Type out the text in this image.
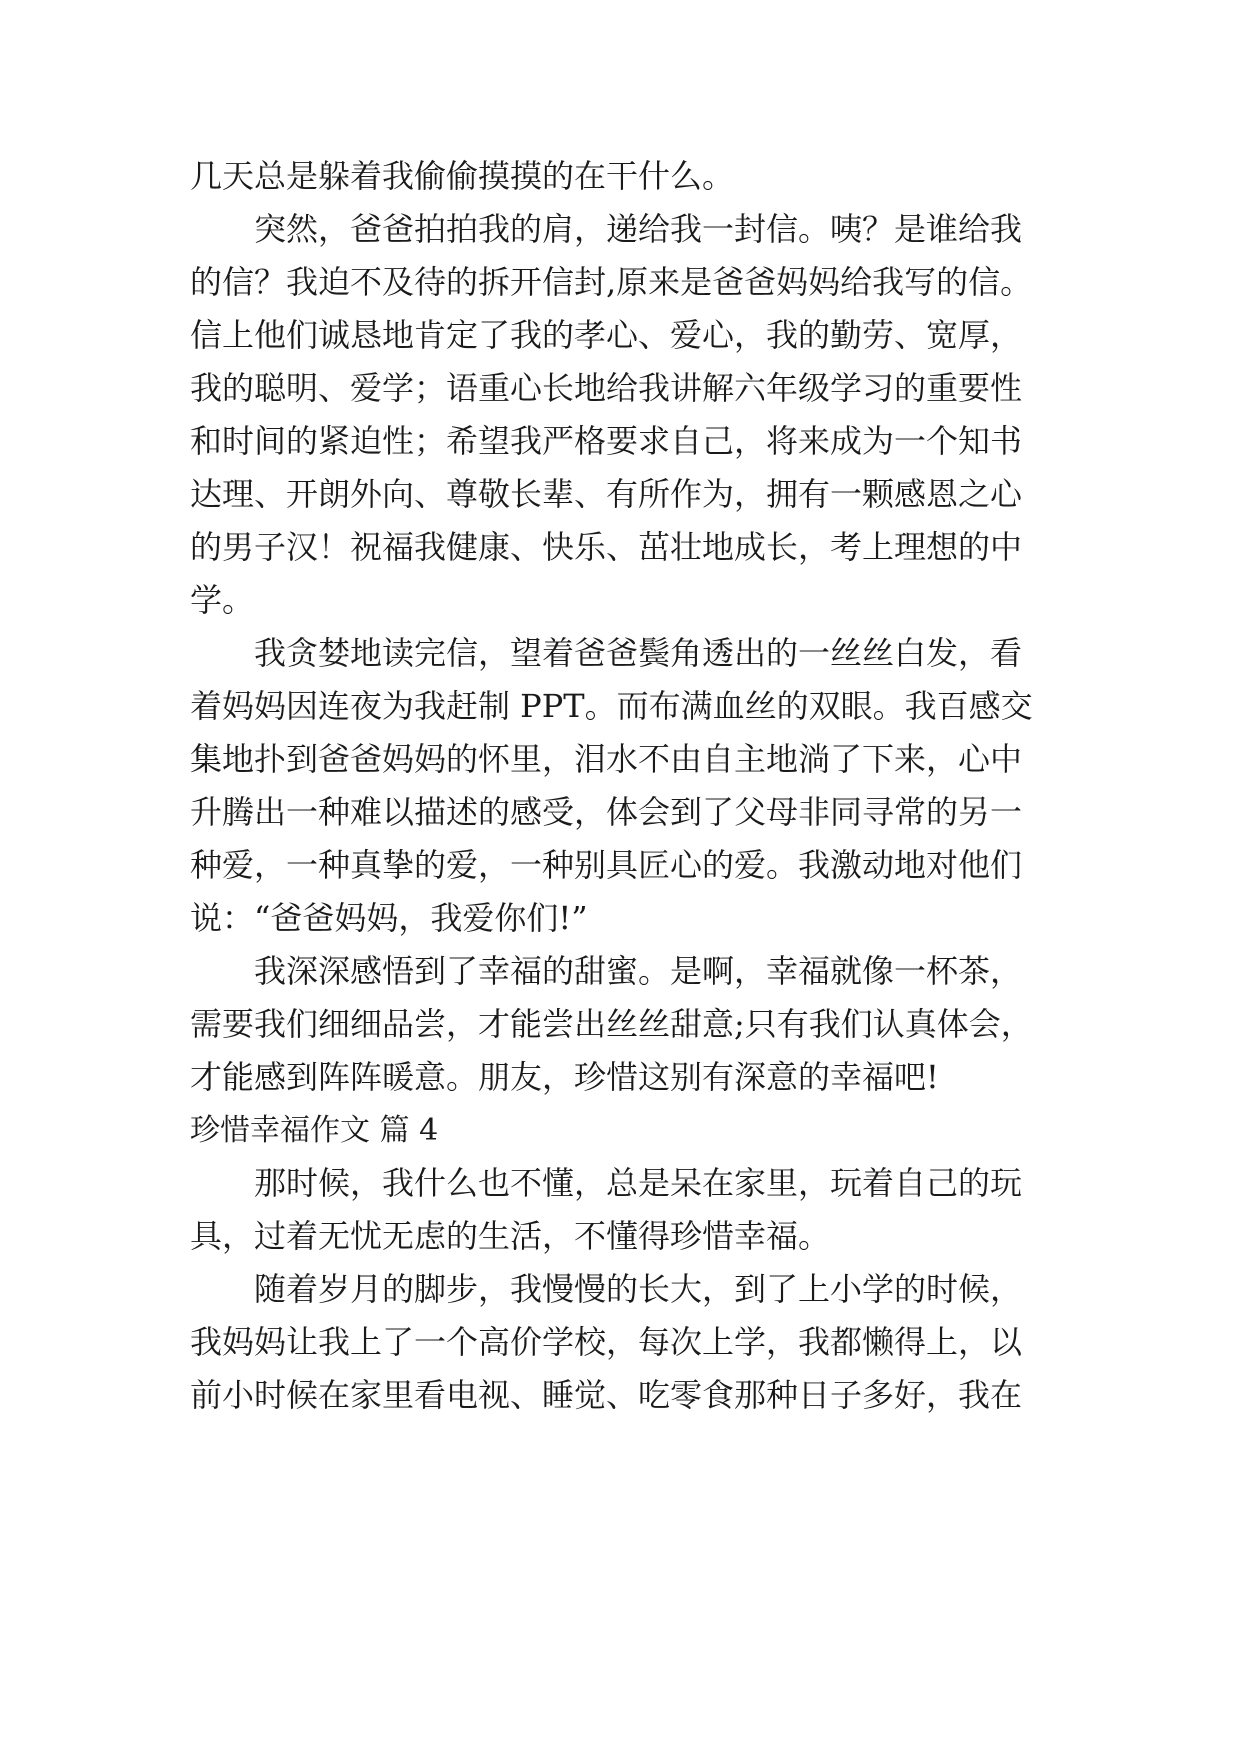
几天总是躲着我偷偷摸摸的在干什么。
突然，爸爸拍拍我的肩，递给我一封信。咦？是谁给我
的信？我迫不及待的拆开信封,原来是爸爸妈妈给我写的信。
信上他们诚恳地肯定了我的孝心、爱心，我的勤劳、宽厚，
我的聪明、爱学；语重心长地给我讲解六年级学习的重要性
和时间的紧迫性；希望我严格要求自己，将来成为一个知书
达理、开朗外向、尊敬长辈、有所作为，拥有一颗感恩之心
的男子汉！祝福我健康、快乐、茁壮地成长，考上理想的中
学。
我贪婪地读完信，望着爸爸鬓角透出的一丝丝白发，看
着妈妈因连夜为我赶制 PPT。而布满血丝的双眼。我百感交
集地扑到爸爸妈妈的怀里，泪水不由自主地淌了下来，心中
升腾出一种难以描述的感受，体会到了父母非同寻常的另一
种爱，一种真挚的爱，一种别具匠心的爱。我激动地对他们
说：“爸爸妈妈，我爱你们!”
我深深感悟到了幸福的甜蜜。是啊，幸福就像一杯茶，
需要我们细细品尝，才能尝出丝丝甜意;只有我们认真体会，
才能感到阵阵暖意。朋友，珍惜这别有深意的幸福吧!
珍惜幸福作文 篇 4
那时候，我什么也不懂，总是呆在家里，玩着自己的玩
具，过着无忧无虑的生活，不懂得珍惜幸福。
随着岁月的脚步，我慢慢的长大，到了上小学的时候，
我妈妈让我上了一个高价学校，每次上学，我都懒得上，以
前小时候在家里看电视、睡觉、吃零食那种日子多好，我在
